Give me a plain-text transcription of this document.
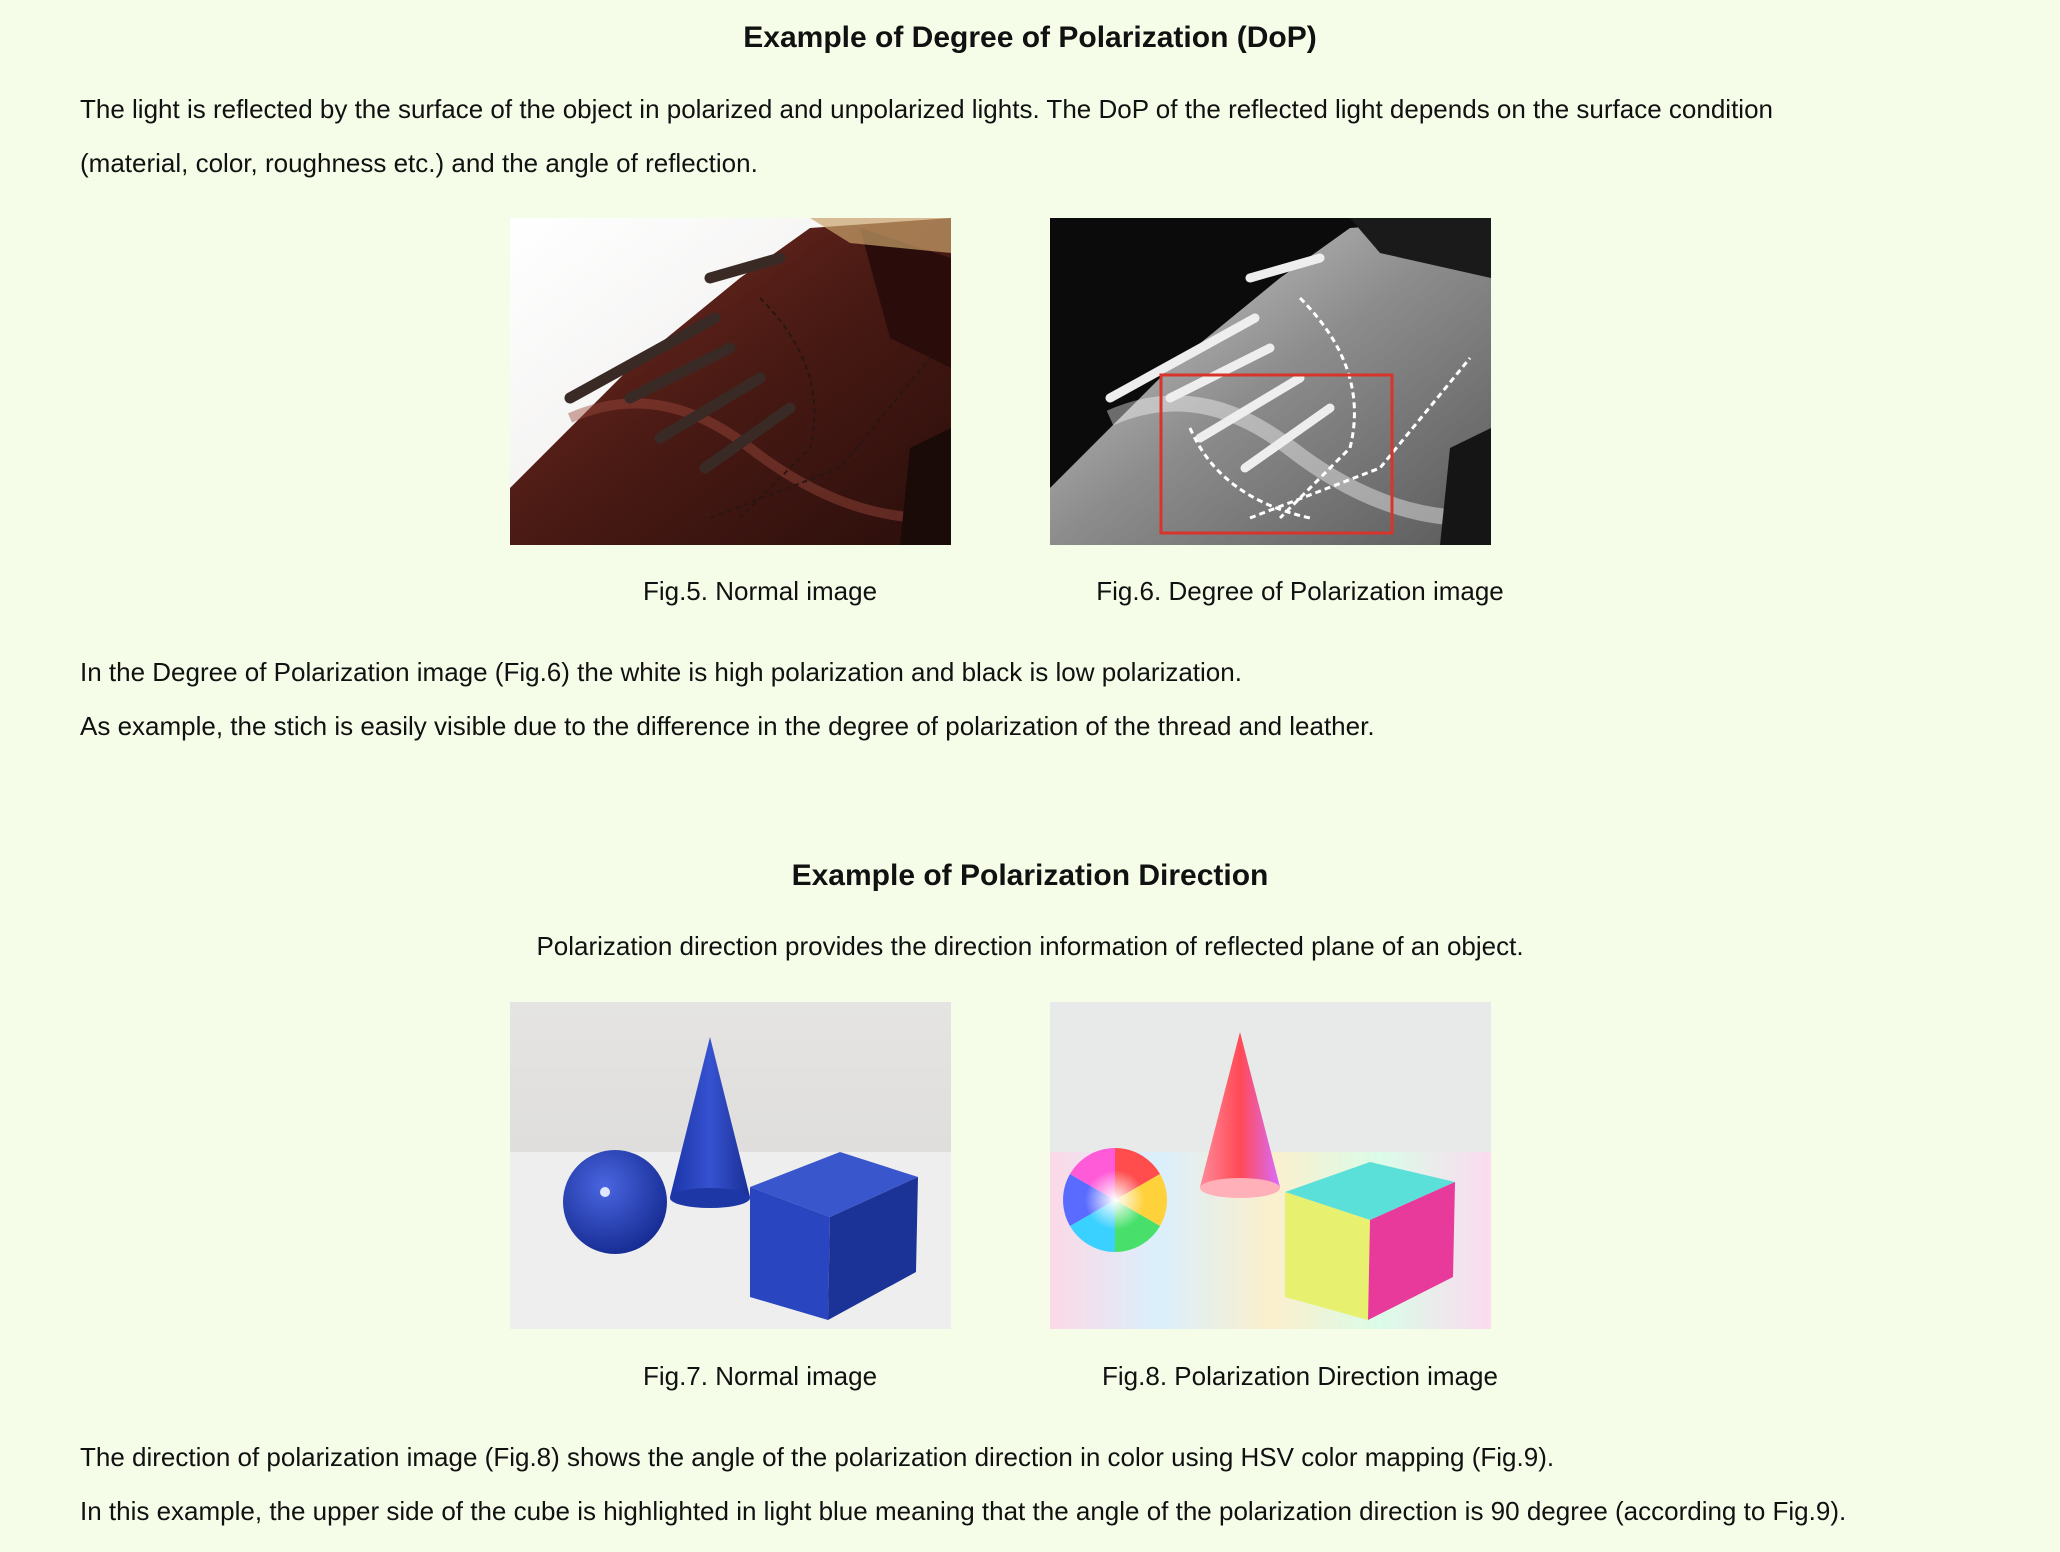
Example of Degree of Polarization (DoP)

The light is reflected by the surface of the object in polarized and unpolarized lights. The DoP of the reflected light depends on the surface condition

(material, color, roughness etc.) and the angle of reflection.

Fig.5. Normal image	Fig.6. Degree of Polarization image

In the Degree of Polarization image (Fig.6) the white is high polarization and black is low polarization.

As example, the stich is easily visible due to the difference in the degree of polarization of the thread and leather.

Example of Polarization Direction

Polarization direction provides the direction information of reflected plane of an object.

Fig.7. Normal image	Fig.8. Polarization Direction image

The direction of polarization image (Fig.8) shows the angle of the polarization direction in color using HSV color mapping (Fig.9).

In this example, the upper side of the cube is highlighted in light blue meaning that the angle of the polarization direction is 90 degree (according to Fig.9).
